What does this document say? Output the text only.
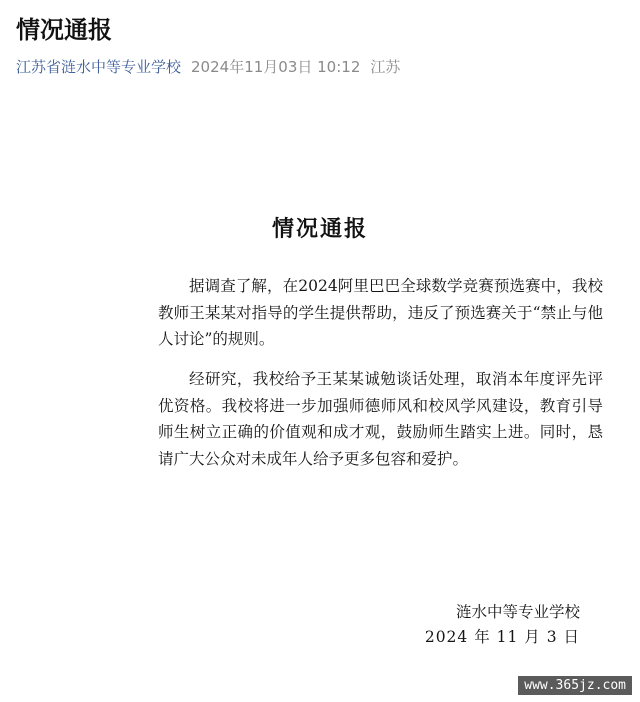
情况通报
江苏省涟水中等专业学校 2024年11月03日 10:12 江苏
情况通报

据调查了解，在2024阿里巴巴全球数学竞赛预选赛中，我校教师王某某对指导的学生提供帮助，违反了预选赛关于“禁止与他人讨论”的规则。

经研究，我校给予王某某诚勉谈话处理，取消本年度评先评优资格。我校将进一步加强师德师风和校风学风建设，教育引导师生树立正确的价值观和成才观，鼓励师生踏实上进。同时，恳请广大公众对未成年人给予更多包容和爱护。

涟水中等专业学校
2024 年 11 月 3 日
www.365jz.com
